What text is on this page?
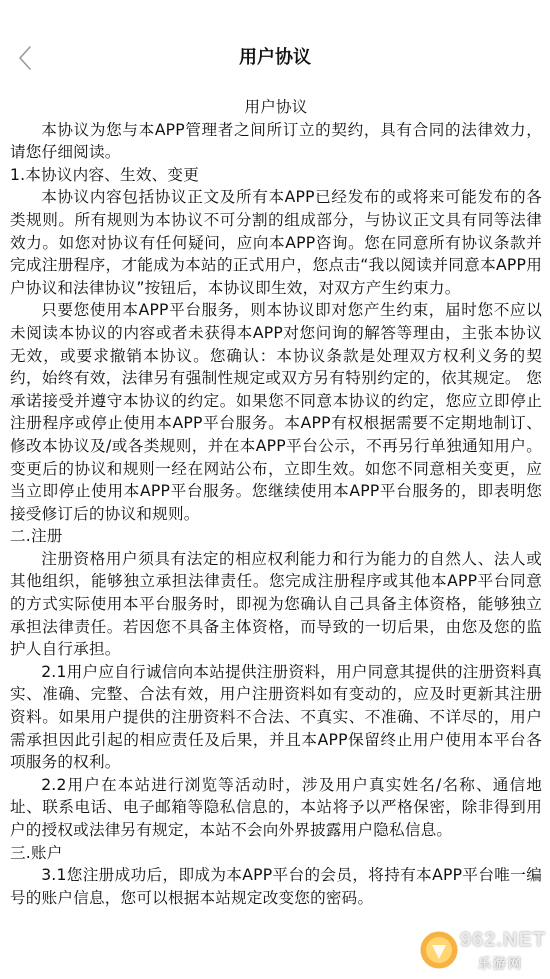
用户协议

用户协议

本协议为您与本APP管理者之间所订立的契约，具有合同的法律效力，请您仔细阅读。

1.本协议内容、生效、变更

本协议内容包括协议正文及所有本APP已经发布的或将来可能发布的各类规则。所有规则为本协议不可分割的组成部分，与协议正文具有同等法律效力。如您对协议有任何疑问，应向本APP咨询。您在同意所有协议条款并完成注册程序，才能成为本站的正式用户，您点击“我以阅读并同意本APP用户协议和法律协议”按钮后，本协议即生效，对双方产生约束力。

只要您使用本APP平台服务，则本协议即对您产生约束，届时您不应以未阅读本协议的内容或者未获得本APP对您问询的解答等理由，主张本协议无效，或要求撤销本协议。您确认：本协议条款是处理双方权利义务的契约，始终有效，法律另有强制性规定或双方另有特别约定的，依其规定。 您承诺接受并遵守本协议的约定。如果您不同意本协议的约定，您应立即停止注册程序或停止使用本APP平台服务。本APP有权根据需要不定期地制订、修改本协议及/或各类规则，并在本APP平台公示，不再另行单独通知用户。变更后的协议和规则一经在网站公布，立即生效。如您不同意相关变更，应当立即停止使用本APP平台服务。您继续使用本APP平台服务的，即表明您接受修订后的协议和规则。

二.注册

注册资格用户须具有法定的相应权利能力和行为能力的自然人、法人或其他组织，能够独立承担法律责任。您完成注册程序或其他本APP平台同意的方式实际使用本平台服务时，即视为您确认自己具备主体资格，能够独立承担法律责任。若因您不具备主体资格，而导致的一切后果，由您及您的监护人自行承担。

2.1用户应自行诚信向本站提供注册资料，用户同意其提供的注册资料真实、准确、完整、合法有效，用户注册资料如有变动的，应及时更新其注册资料。如果用户提供的注册资料不合法、不真实、不准确、不详尽的，用户需承担因此引起的相应责任及后果，并且本APP保留终止用户使用本平台各项服务的权利。

2.2用户在本站进行浏览等活动时，涉及用户真实姓名/名称、通信地址、联系电话、电子邮箱等隐私信息的，本站将予以严格保密，除非得到用户的授权或法律另有规定，本站不会向外界披露用户隐私信息。

三.账户

3.1您注册成功后，即成为本APP平台的会员，将持有本APP平台唯一编号的账户信息，您可以根据本站规定改变您的密码。

962.NET
乐游网
